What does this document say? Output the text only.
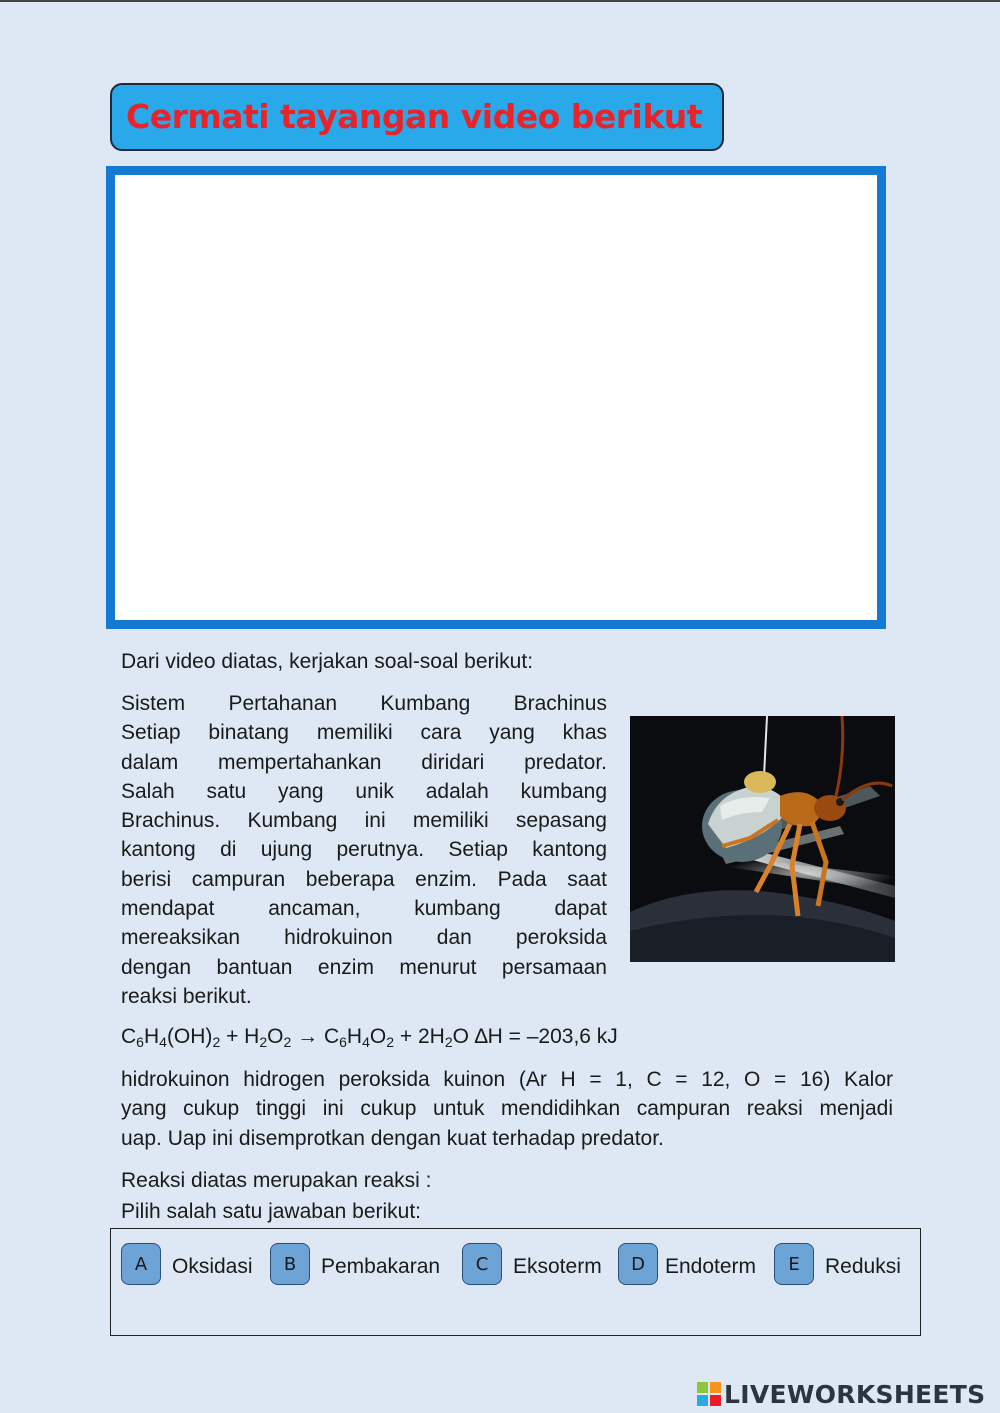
Cermati tayangan video berikut
Dari video diatas, kerjakan soal-soal berikut:
Sistem Pertahanan Kumbang Brachinus
Setiap binatang memiliki cara yang khas
dalam mempertahankan diridari predator.
Salah satu yang unik adalah kumbang
Brachinus. Kumbang ini memiliki sepasang
kantong di ujung perutnya. Setiap kantong
berisi campuran beberapa enzim. Pada saat
mendapat ancaman, kumbang dapat
mereaksikan hidrokuinon dan peroksida
dengan bantuan enzim menurut persamaan
reaksi berikut.
$C_6H_4(OH)_2 + H_2O_2 \to C_6H_4O_2 + 2H_2O$ ∆H = –203,6 kJ
hidrokuinon hidrogen peroksida kuinon (Ar H = 1, C = 12, O = 16) Kalor
yang cukup tinggi ini cukup untuk mendidihkan campuran reaksi menjadi
uap. Uap ini disemprotkan dengan kuat terhadap predator.
Reaksi diatas merupakan reaksi :
Pilih salah satu jawaban berikut:
A	Oksidasi	B	Pembakaran	C	Eksoterm	D Endoterm	E	Reduksi
LIVEWORKSHEETS
